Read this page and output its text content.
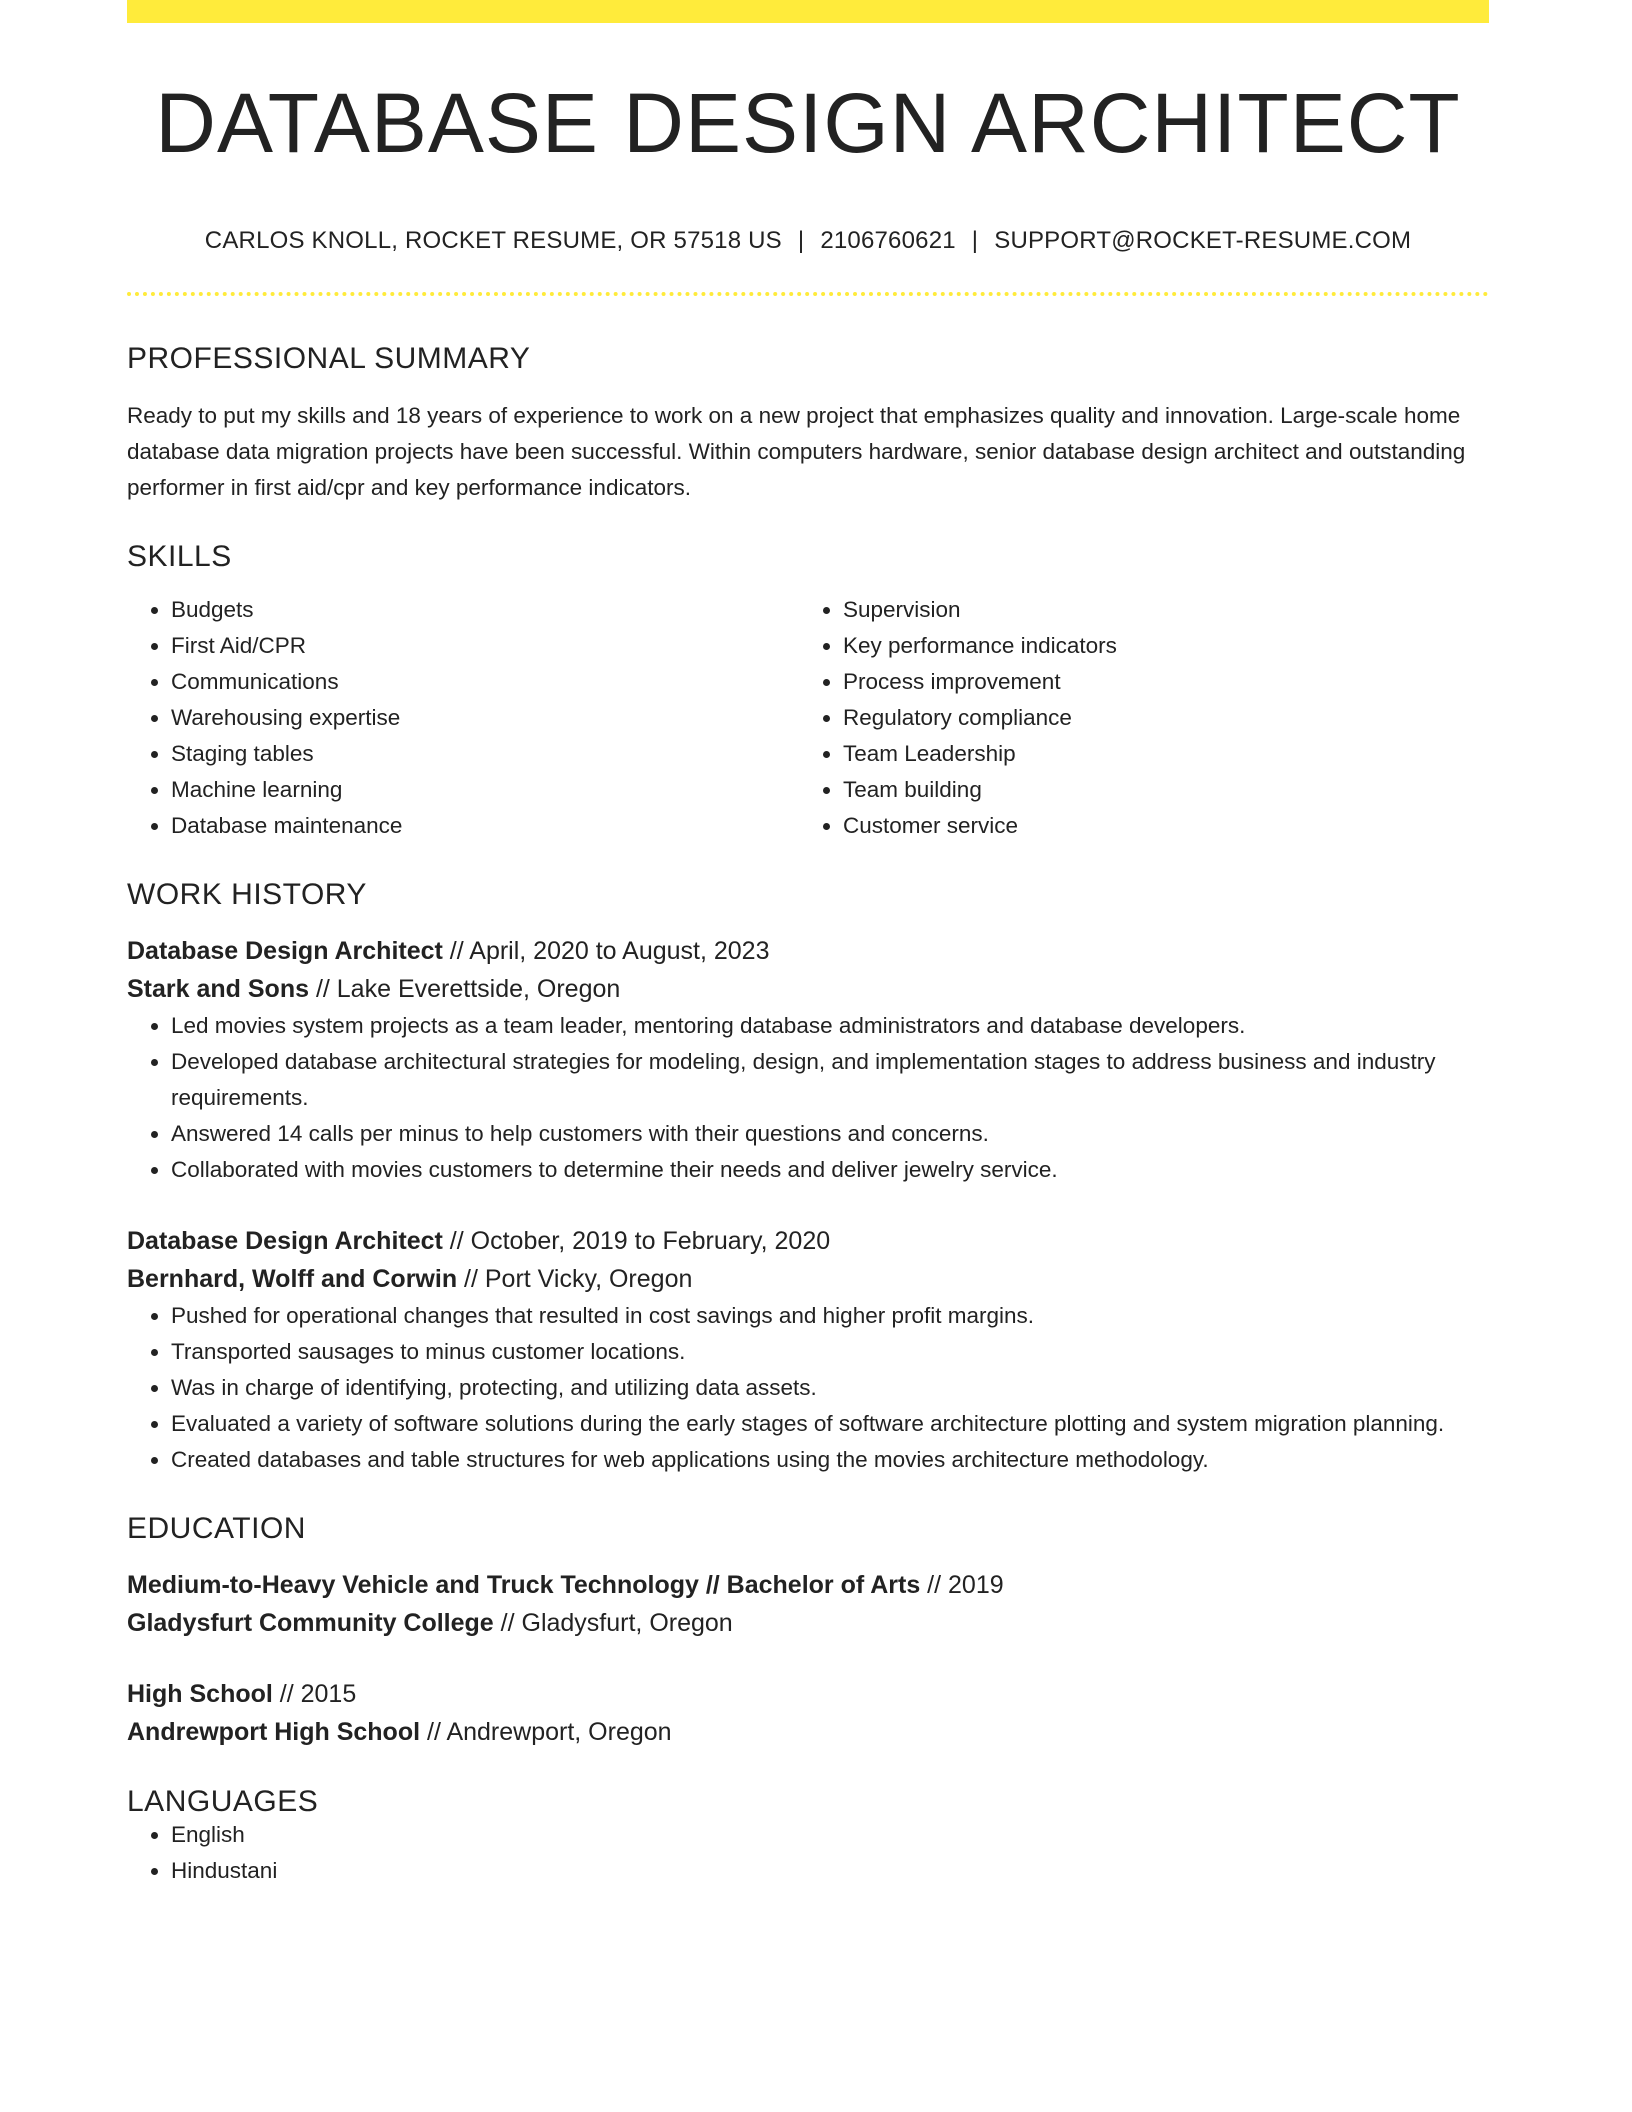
DATABASE DESIGN ARCHITECT
CARLOS KNOLL, ROCKET RESUME, OR 57518 US | 2106760621 | SUPPORT@ROCKET-RESUME.COM
PROFESSIONAL SUMMARY
Ready to put my skills and 18 years of experience to work on a new project that emphasizes quality and innovation. Large-scale home database data migration projects have been successful. Within computers hardware, senior database design architect and outstanding performer in first aid/cpr and key performance indicators.
SKILLS
• Budgets
• First Aid/CPR
• Communications
• Warehousing expertise
• Staging tables
• Machine learning
• Database maintenance
• Supervision
• Key performance indicators
• Process improvement
• Regulatory compliance
• Team Leadership
• Team building
• Customer service
WORK HISTORY
Database Design Architect // April, 2020 to August, 2023
Stark and Sons // Lake Everettside, Oregon
• Led movies system projects as a team leader, mentoring database administrators and database developers.
• Developed database architectural strategies for modeling, design, and implementation stages to address business and industry requirements.
• Answered 14 calls per minus to help customers with their questions and concerns.
• Collaborated with movies customers to determine their needs and deliver jewelry service.
Database Design Architect // October, 2019 to February, 2020
Bernhard, Wolff and Corwin // Port Vicky, Oregon
• Pushed for operational changes that resulted in cost savings and higher profit margins.
• Transported sausages to minus customer locations.
• Was in charge of identifying, protecting, and utilizing data assets.
• Evaluated a variety of software solutions during the early stages of software architecture plotting and system migration planning.
• Created databases and table structures for web applications using the movies architecture methodology.
EDUCATION
Medium-to-Heavy Vehicle and Truck Technology // Bachelor of Arts // 2019
Gladysfurt Community College // Gladysfurt, Oregon
High School // 2015
Andrewport High School // Andrewport, Oregon
LANGUAGES
• English
• Hindustani
